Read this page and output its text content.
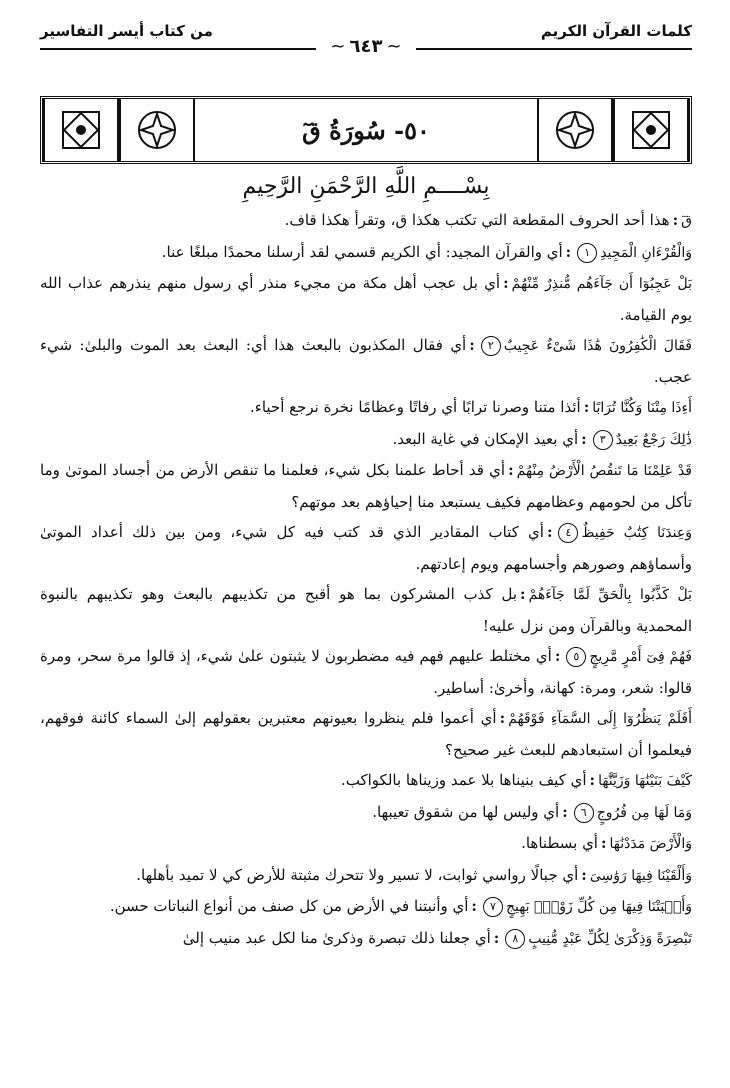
كلمات القرآن الكريم
من كتاب أيسر التفاسير
~ ٦٤٣ ~
٥٠- سُورَةُ قٓ
بِسْــــمِ اللَّهِ الرَّحْمَنِ الرَّحِيمِ

قٓ:هذا أحد الحروف المقطعة التي تكتب هكذا ق، وتقرأ هكذا قاف.

وَالْقُرْءَانِ الْمَجِيدِ١:أي والقرآن المجيد: أي الكريم قسمي لقد أرسلنا محمدًا مبلغًا عنا.

بَلْ عَجِبُوٓا أَن جَآءَهُم مُّنذِرٌ مِّنْهُمْ:أي بل عجب أهل مكة من مجيء منذر أي رسول منهم ينذرهم عذاب الله يوم القيامة.

فَقَالَ الْكَٰفِرُونَ هَٰذَا شَىْءٌ عَجِيبٌ٢:أي فقال المكذبون بالبعث هذا أي: البعث بعد الموت والبلىٰ: شيء عجب.

أَءِذَا مِتْنَا وَكُنَّا تُرَابًا:أئذا متنا وصرنا ترابًا أي رفاتًا وعظامًا نخرة نرجع أحياء.

ذَٰلِكَ رَجْعٌ بَعِيدٌ٣:أي بعيد الإمكان في غاية البعد.

قَدْ عَلِمْنَا مَا تَنقُصُ الْأَرْضُ مِنْهُمْ:أي قد أحاط علمنا بكل شيء، فعلمنا ما تنقص الأرض من أجساد الموتىٰ وما تأكل من لحومهم وعظامهم فكيف يستبعد منا إحياؤهم بعد موتهم؟

وَعِندَنَا كِتَٰبٌ حَفِيظٌ٤:أي كتاب المقادير الذي قد كتب فيه كل شيء، ومن بين ذلك أعداد الموتىٰ وأسماؤهم وصورهم وأجسامهم ويوم إعادتهم.

بَلْ كَذَّبُوا بِالْحَقِّ لَمَّا جَآءَهُمْ:بل كذب المشركون بما هو أقبح من تكذيبهم بالبعث وهو تكذيبهم بالنبوة المحمدية وبالقرآن ومن نزل عليه!

فَهُمْ فِىٓ أَمْرٍ مَّرِيجٍ٥:أي مختلط عليهم فهم فيه مضطربون لا يثبتون علىٰ شيء، إذ قالوا مرة سحر، ومرة قالوا: شعر، ومرة: كهانة، وأخرىٰ: أساطير.

أَفَلَمْ يَنظُرُوٓا إِلَى السَّمَآءِ فَوْقَهُمْ:أي أعموا فلم ينظروا بعيونهم معتبرين بعقولهم إلىٰ السماء كائنة فوقهم، فيعلموا أن استبعادهم للبعث غير صحيح؟

كَيْفَ بَنَيْنَٰهَا وَزَيَّنَّٰهَا:أي كيف بنيناها بلا عمد وزيناها بالكواكب.

وَمَا لَهَا مِن فُرُوجٍ٦:أي وليس لها من شقوق تعيبها.

وَالْأَرْضَ مَدَدْنَٰهَا:أي بسطناها.

وَأَلْقَيْنَا فِيهَا رَوَٰسِىَ:أي جبالًا رواسي ثوابت، لا تسير ولا تتحرك مثبتة للأرض كي لا تميد بأهلها.

وَأَنۢبَتْنَا فِيهَا مِن كُلِّ زَوْجٍۭ بَهِيجٍ٧:أي وأنبتنا في الأرض من كل صنف من أنواع النباتات حسن.

تَبْصِرَةً وَذِكْرَىٰ لِكُلِّ عَبْدٍ مُّنِيبٍ٨:أي جعلنا ذلك تبصرة وذكرىٰ منا لكل عبد منيب إلىٰ
